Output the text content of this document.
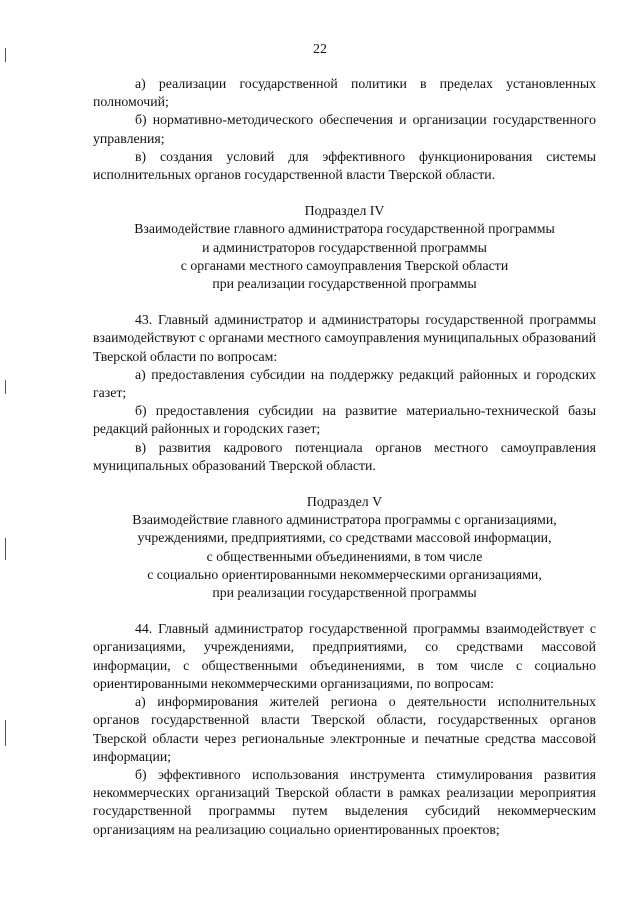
22

а) реализации государственной политики в пределах установленных полномочий;

б) нормативно-методического обеспечения и организации государственного управления;

в) создания условий для эффективного функционирования системы исполнительных органов государственной власти Тверской области.

Подраздел IV

Взаимодействие главного администратора государственной программы

и администраторов государственной программы

с органами местного самоуправления Тверской области

при реализации государственной программы

43. Главный администратор и администраторы государственной программы взаимодействуют с органами местного самоуправления муниципальных образований Тверской области по вопросам:

а) предоставления субсидии на поддержку редакций районных и городских газет;

б) предоставления субсидии на развитие материально-технической базы редакций районных и городских газет;

в) развития кадрового потенциала органов местного самоуправления муниципальных образований Тверской области.

Подраздел V

Взаимодействие главного администратора программы с организациями,

учреждениями, предприятиями, со средствами массовой информации,

с общественными объединениями, в том числе

с социально ориентированными некоммерческими организациями,

при реализации государственной программы

44. Главный администратор государственной программы взаимодействует с организациями, учреждениями, предприятиями, со средствами массовой информации, с общественными объединениями, в том числе с социально ориентированными некоммерческими организациями, по вопросам:

а) информирования жителей региона о деятельности исполнительных органов государственной власти Тверской области, государственных органов Тверской области через региональные электронные и печатные средства массовой информации;

б) эффективного использования инструмента стимулирования развития некоммерческих организаций Тверской области в рамках реализации мероприятия государственной программы путем выделения субсидий некоммерческим организациям на реализацию социально ориентированных проектов;
